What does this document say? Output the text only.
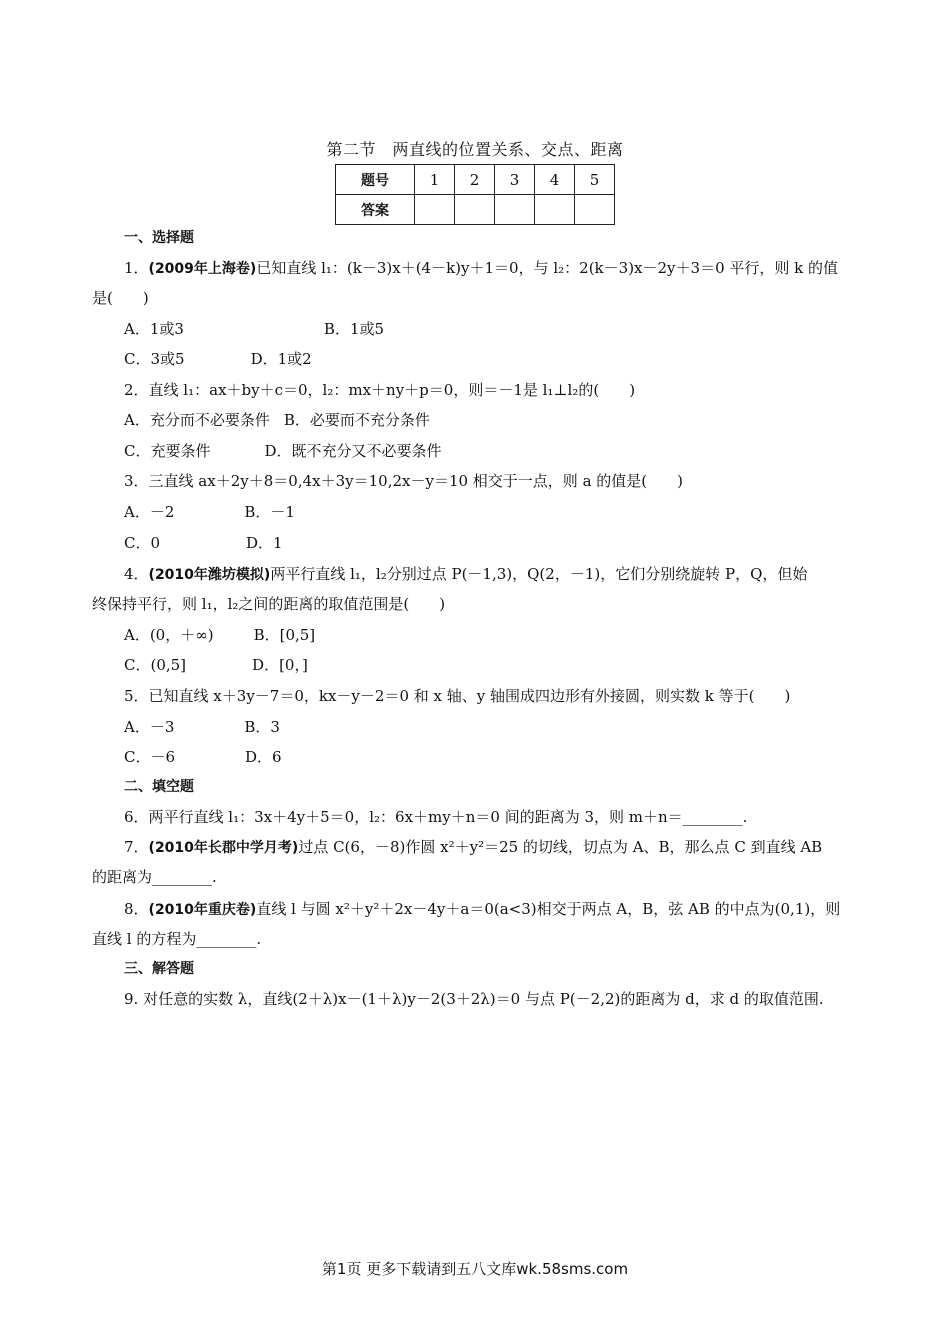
第二节　两直线的位置关系、交点、距离
题号	1	2	3	4	5
答案					
一、选择题
1．(2009年上海卷)已知直线 l₁：(k－3)x＋(4－k)y＋1＝0，与 l₂：2(k－3)x－2y＋3＝0 平行，则 k 的值
是(　　)
A．1或3	B．1或5
C．3或5	D．1或2
2．直线 l₁：ax＋by＋c＝0，l₂：mx＋ny＋p＝0，则＝－1是 l₁⊥l₂的(　　)
A．充分而不必要条件 B．必要而不充分条件
C．充要条件	D．既不充分又不必要条件
3．三直线 ax＋2y＋8＝0,4x＋3y＝10,2x－y＝10 相交于一点，则 a 的值是(　　)
A．－2	B．－1
C．0	D．1
4．(2010年潍坊模拟)两平行直线 l₁，l₂分别过点 P(－1,3)，Q(2，－1)，它们分别绕旋转 P，Q，但始
终保持平行，则 l₁，l₂之间的距离的取值范围是(　　)
A．(0，＋∞)	B．[0,5]
C．(0,5]	D．[0，]
5．已知直线 x＋3y－7＝0，kx－y－2＝0 和 x 轴、y 轴围成四边形有外接圆，则实数 k 等于(　　)
A．－3	B．3
C．－6	D．6
二、填空题
6．两平行直线 l₁：3x＋4y＋5＝0，l₂：6x＋my＋n＝0 间的距离为 3，则 m＋n＝________.
7．(2010年长郡中学月考)过点 C(6，－8)作圆 x²＋y²＝25 的切线，切点为 A、B，那么点 C 到直线 AB
的距离为________.
8．(2010年重庆卷)直线 l 与圆 x²＋y²＋2x－4y＋a＝0(a<3)相交于两点 A，B，弦 AB 的中点为(0,1)，则
直线 l 的方程为________.
三、解答题
9. 对任意的实数 λ，直线(2＋λ)x－(1＋λ)y－2(3＋2λ)＝0 与点 P(－2,2)的距离为 d，求 d 的取值范围.
第1页 更多下载请到五八文库wk.58sms.com
